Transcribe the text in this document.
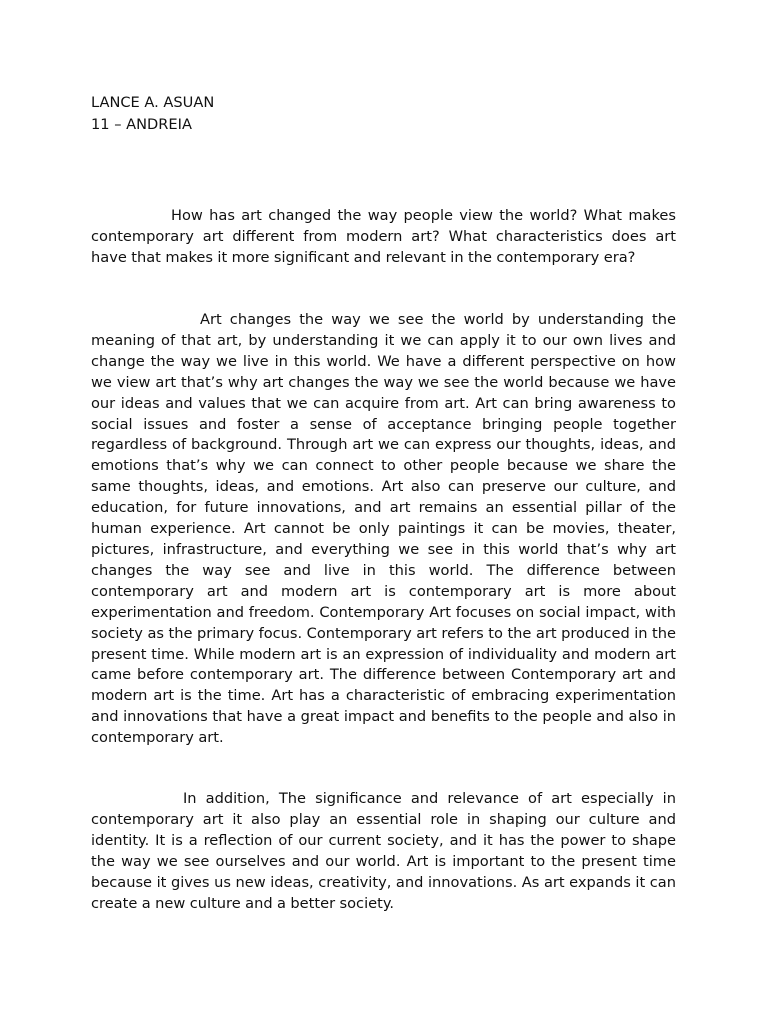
LANCE A. ASUAN
11 – ANDREIA

How has art changed the way people view the world? What makes contemporary art different from modern art? What characteristics does art have that makes it more significant and relevant in the contemporary era?

Art changes the way we see the world by understanding the meaning of that art, by understanding it we can apply it to our own lives and change the way we live in this world. We have a different perspective on how we view art that’s why art changes the way we see the world because we have our ideas and values that we can acquire from art. Art can bring awareness to social issues and foster a sense of acceptance bringing people together regardless of background. Through art we can express our thoughts, ideas, and emotions that’s why we can connect to other people because we share the same thoughts, ideas, and emotions. Art also can preserve our culture, and education, for future innovations, and art remains an essential pillar of the human experience. Art cannot be only paintings it can be movies, theater, pictures, infrastructure, and everything we see in this world that’s why art changes the way see and live in this world. The difference between contemporary art and modern art is contemporary art is more about experimentation and freedom. Contemporary Art focuses on social impact, with society as the primary focus. Contemporary art refers to the art produced in the present time. While modern art is an expression of individuality and modern art came before contemporary art. The difference between Contemporary art and modern art is the time. Art has a characteristic of embracing experimentation and innovations that have a great impact and benefits to the people and also in contemporary art.

In addition, The significance and relevance of art especially in contemporary art it also play an essential role in shaping our culture and identity. It is a reflection of our current society, and it has the power to shape the way we see ourselves and our world. Art is important to the present time because it gives us new ideas, creativity, and innovations. As art expands it can create a new culture and a better society.
